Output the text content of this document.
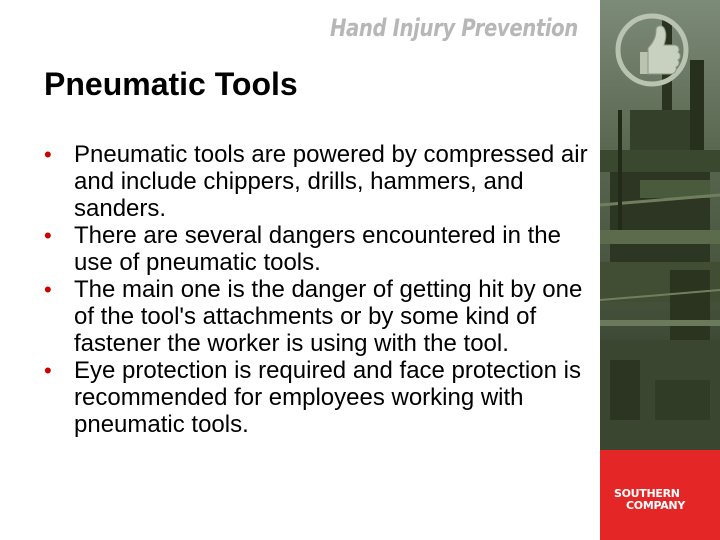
Hand Injury Prevention
Pneumatic Tools
• Pneumatic tools are powered by compressed air and include chippers, drills, hammers, and sanders.
• There are several dangers encountered in the use of pneumatic tools.
• The main one is the danger of getting hit by one of the tool's attachments or by some kind of fastener the worker is using with the tool.
• Eye protection is required and face protection is recommended for employees working with pneumatic tools.
SOUTHERN
COMPANY
